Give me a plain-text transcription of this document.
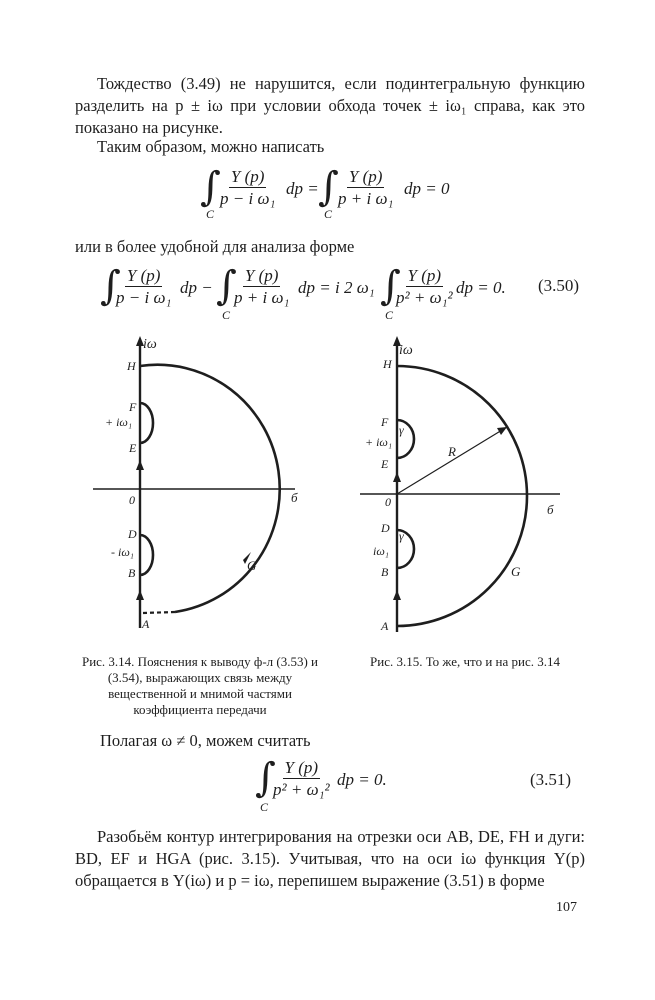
Тождество (3.49) не нарушится, если подинтегральную функцию разделить на p ± iω при условии обхода точек ± iω₁ справа, как это показано на рисунке.
Таким образом, можно написать
∫
C
$\frac{Y (p)}{\text{p − i ω₁}}$ dp = ∫
C
$\frac{Y (p)}{\text{p + i ω₁}}$ dp = 0
или в более удобной для анализа форме
∫
$\frac{Y (p)}{\text{p − i ω₁}}$ dp − ∫
C
$\frac{Y (p)}{\text{p + i ω₁}}$ dp = i 2 ω₁ ∫
C
$\frac{Y (p)}{\text{p² + ω₁²}}$ dp = 0. (3.50)
iω
H
F
+ iω₁
E
0	б
D
- iω₁
B	G
A
iω
H
F
γ
+ iω₁
R
E
0	б
D
γ
iω₁
B	G
A
Рис. 3.14. Пояснения к выводу ф-л (3.53) и (3.54), выражающих связь между вещественной и мнимой частями коэффициента передачи
Рис. 3.15. То же, что и на рис. 3.14
Полагая ω ≠ 0, можем считать
∫
C
$\frac{Y (p)}{\text{p² + ω₁²}}$ dp = 0.	(3.51)
Разобьём контур интегрирования на отрезки оси AB, DE, FH и дуги: BD, EF и HGA (рис. 3.15). Учитывая, что на оси iω функция Y(p) обращается в Y(iω) и p = iω, перепишем выражение (3.51) в форме
107
